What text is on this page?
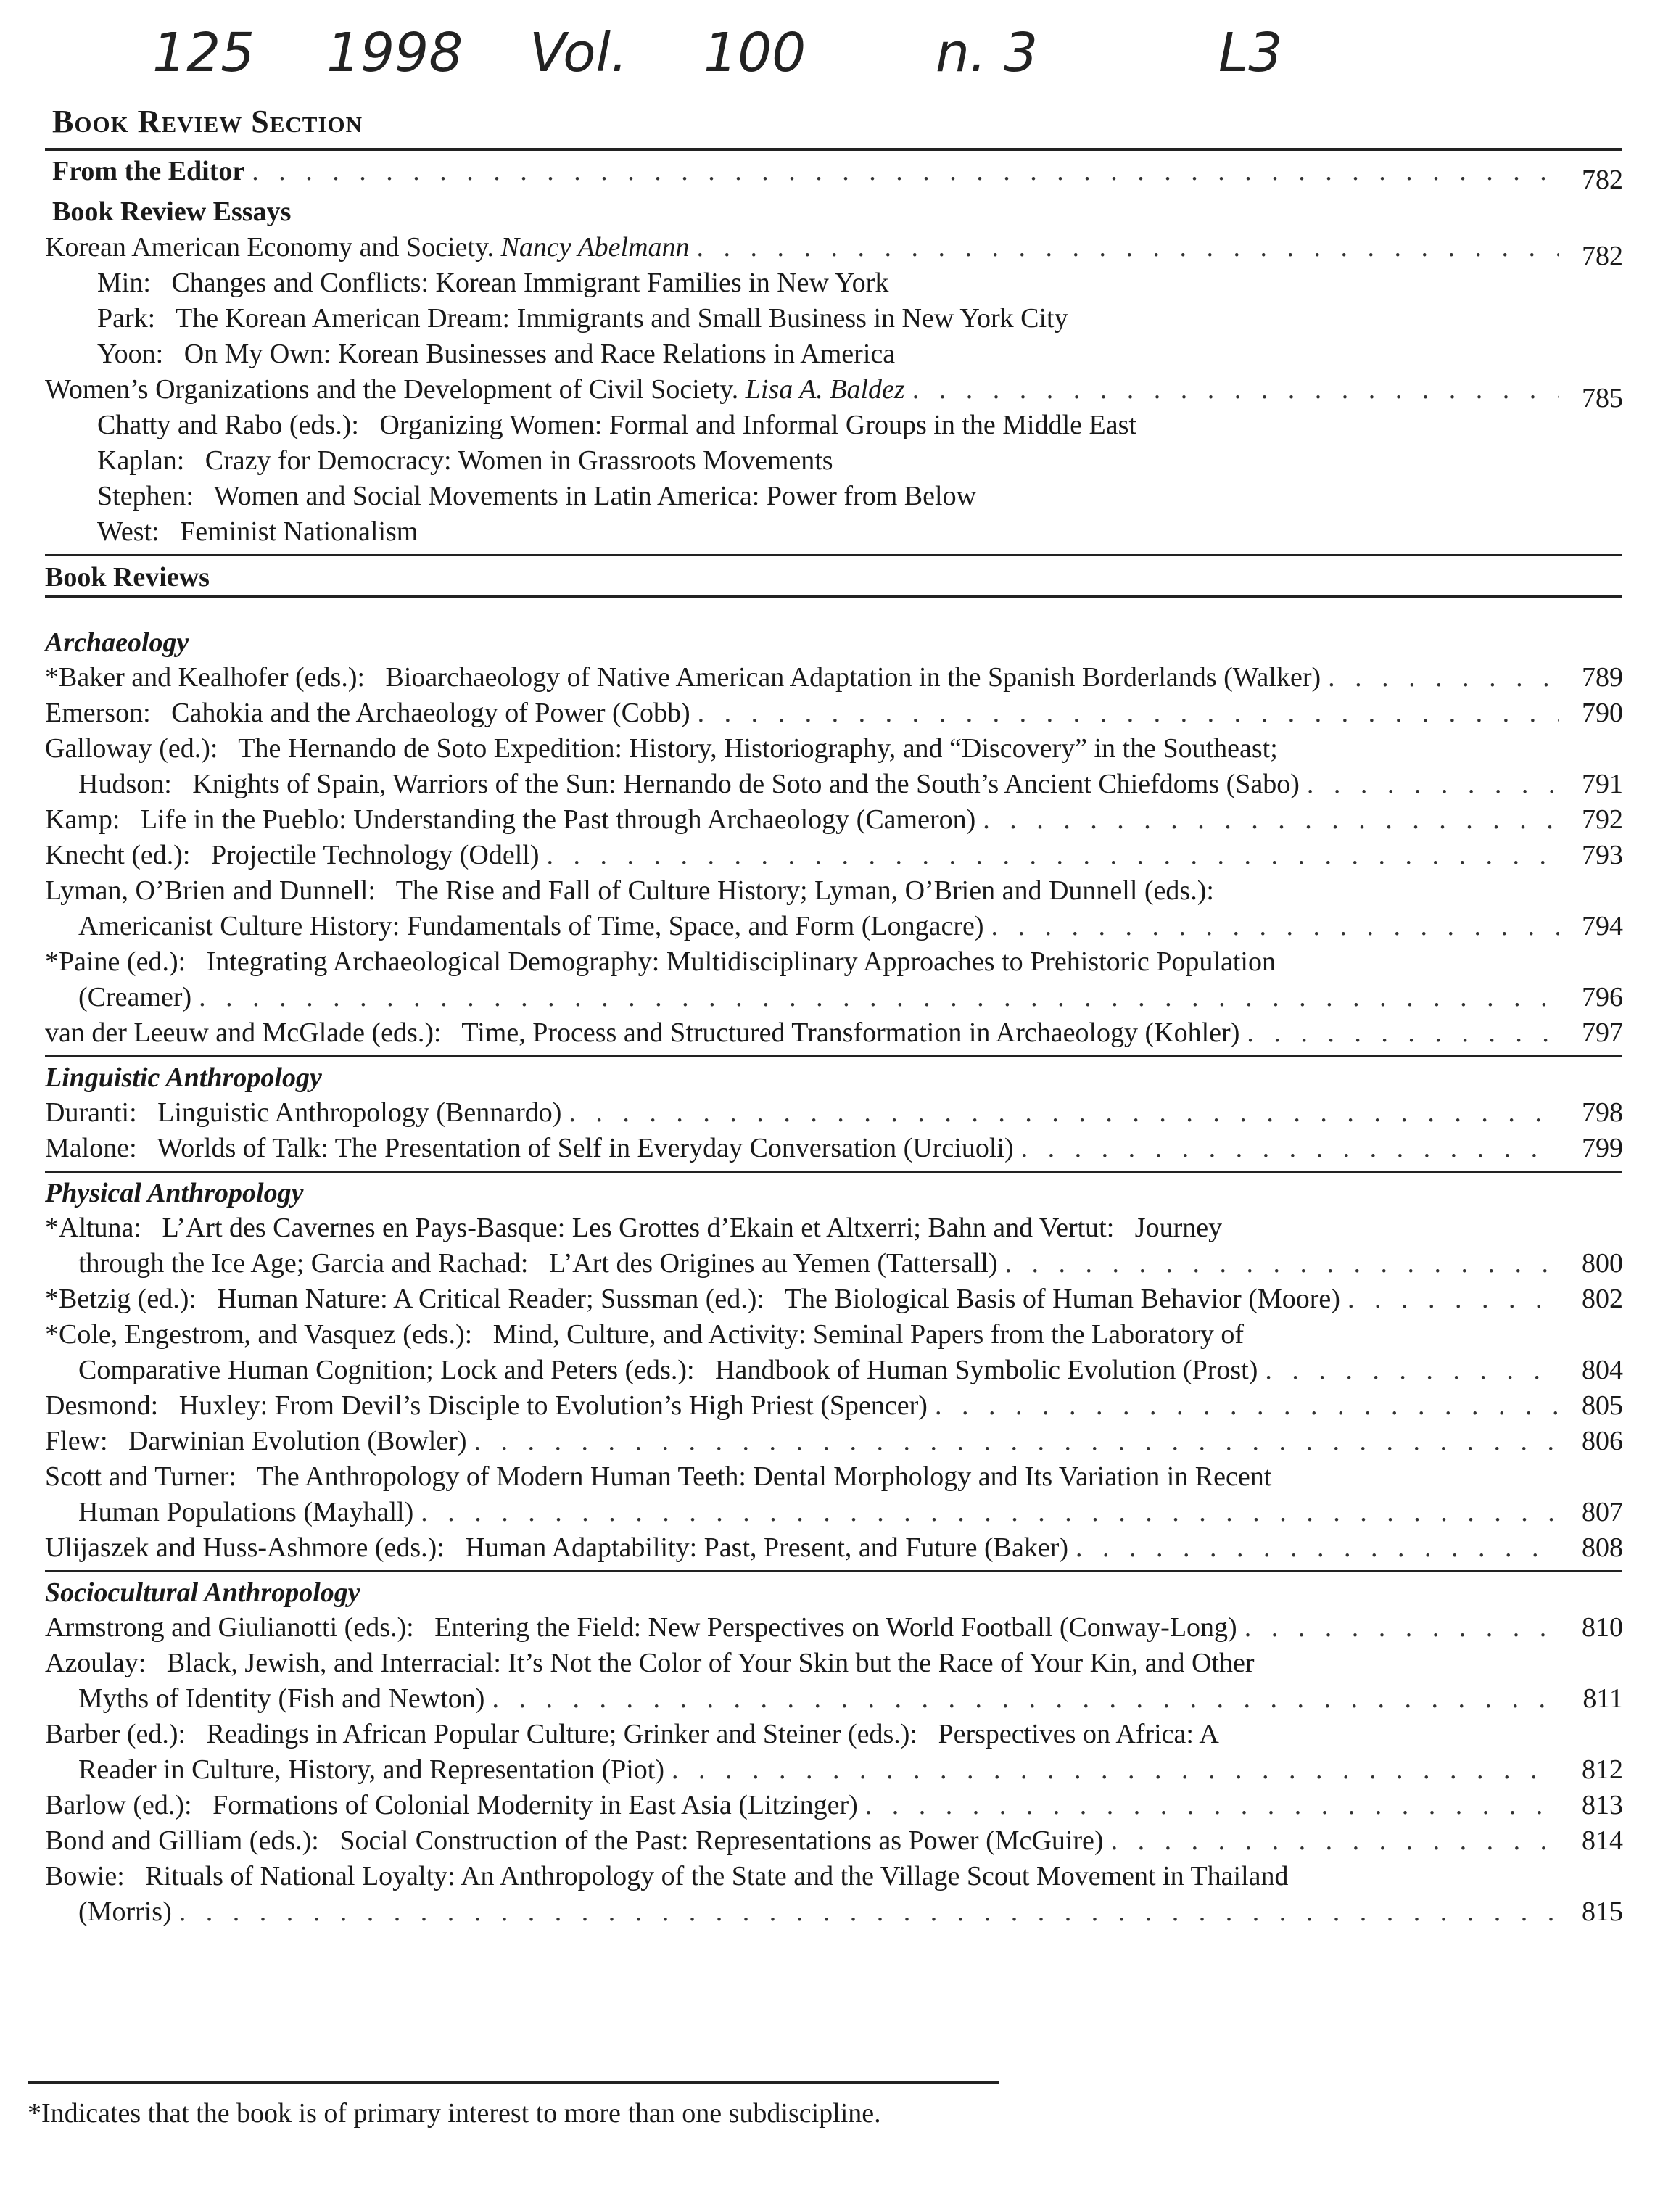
125 1998 Vol. 100 n. 3	L3
Book Review Section
From the Editor . . .	782
Book Review Essays
Korean American Economy and Society. Nancy Abelmann . . .	782
Min:   Changes and Conflicts: Korean Immigrant Families in New York
Park:   The Korean American Dream: Immigrants and Small Business in New York City
Yoon:   On My Own: Korean Businesses and Race Relations in America
Women’s Organizations and the Development of Civil Society. Lisa A. Baldez . . .	785
Chatty and Rabo (eds.):   Organizing Women: Formal and Informal Groups in the Middle East
Kaplan:   Crazy for Democracy: Women in Grassroots Movements
Stephen:   Women and Social Movements in Latin America: Power from Below
West:   Feminist Nationalism
Book Reviews
Archaeology
*Baker and Kealhofer (eds.):   Bioarchaeology of Native American Adaptation in the Spanish Borderlands (Walker) . . .	789
Emerson:   Cahokia and the Archaeology of Power (Cobb) . . .	790
Galloway (ed.):   The Hernando de Soto Expedition: History, Historiography, and “Discovery” in the Southeast;
Hudson:   Knights of Spain, Warriors of the Sun: Hernando de Soto and the South’s Ancient Chiefdoms (Sabo) . . .	791
Kamp:   Life in the Pueblo: Understanding the Past through Archaeology (Cameron) . . .	792
Knecht (ed.):   Projectile Technology (Odell) . . .	793
Lyman, O’Brien and Dunnell:   The Rise and Fall of Culture History; Lyman, O’Brien and Dunnell (eds.):
Americanist Culture History: Fundamentals of Time, Space, and Form (Longacre) . . .	794
*Paine (ed.):   Integrating Archaeological Demography: Multidisciplinary Approaches to Prehistoric Population
(Creamer) . . .	796
van der Leeuw and McGlade (eds.):   Time, Process and Structured Transformation in Archaeology (Kohler) . . .	797
Linguistic Anthropology
Duranti:   Linguistic Anthropology (Bennardo) . . .	798
Malone:   Worlds of Talk: The Presentation of Self in Everyday Conversation (Urciuoli) . . .	799
Physical Anthropology
*Altuna:   L’Art des Cavernes en Pays-Basque: Les Grottes d’Ekain et Altxerri; Bahn and Vertut:   Journey
through the Ice Age; Garcia and Rachad:   L’Art des Origines au Yemen (Tattersall) . . .	800
*Betzig (ed.):   Human Nature: A Critical Reader; Sussman (ed.):   The Biological Basis of Human Behavior (Moore) . . .	802
*Cole, Engestrom, and Vasquez (eds.):   Mind, Culture, and Activity: Seminal Papers from the Laboratory of
Comparative Human Cognition; Lock and Peters (eds.):   Handbook of Human Symbolic Evolution (Prost) . . .	804
Desmond:   Huxley: From Devil’s Disciple to Evolution’s High Priest (Spencer) . . .	805
Flew:   Darwinian Evolution (Bowler) . . .	806
Scott and Turner:   The Anthropology of Modern Human Teeth: Dental Morphology and Its Variation in Recent
Human Populations (Mayhall) . . .	807
Ulijaszek and Huss-Ashmore (eds.):   Human Adaptability: Past, Present, and Future (Baker) . . .	808
Sociocultural Anthropology
Armstrong and Giulianotti (eds.):   Entering the Field: New Perspectives on World Football (Conway-Long) . . .	810
Azoulay:   Black, Jewish, and Interracial: It’s Not the Color of Your Skin but the Race of Your Kin, and Other
Myths of Identity (Fish and Newton) . . .	811
Barber (ed.):   Readings in African Popular Culture; Grinker and Steiner (eds.):   Perspectives on Africa: A
Reader in Culture, History, and Representation (Piot) . . .	812
Barlow (ed.):   Formations of Colonial Modernity in East Asia (Litzinger) . . .	813
Bond and Gilliam (eds.):   Social Construction of the Past: Representations as Power (McGuire) . . .	814
Bowie:   Rituals of National Loyalty: An Anthropology of the State and the Village Scout Movement in Thailand
(Morris) . . .	815
*Indicates that the book is of primary interest to more than one subdiscipline.
